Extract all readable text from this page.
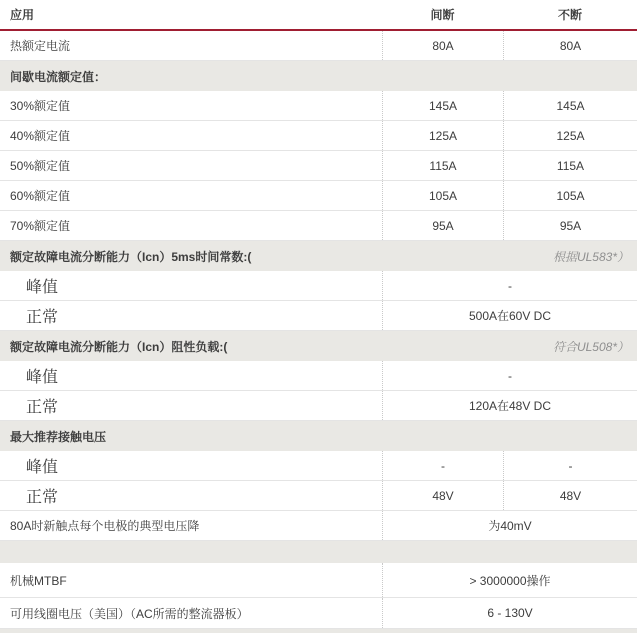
应用	间断	不断
热额定电流	80A	80A
间歇电流额定值：
30%额定值	145A	145A
40%额定值	125A	125A
50%额定值	115A	115A
60%额定值	105A	105A
70%额定值	95A	95A
额定故障电流分断能力（Icn）5ms时间常数:(	根据UL583*）
峰值	-
正常	500A在60V DC
额定故障电流分断能力（Icn）阻性负载:(	符合UL508*）
峰值	-
正常	120A在48V DC
最大推荐接触电压
峰值	-	-
正常	48V	48V
80A时新触点每个电极的典型电压降	为40mV
机械MTBF	> 3000000操作
可用线圈电压（美国）（AC所需的整流器板）	6 - 130V
